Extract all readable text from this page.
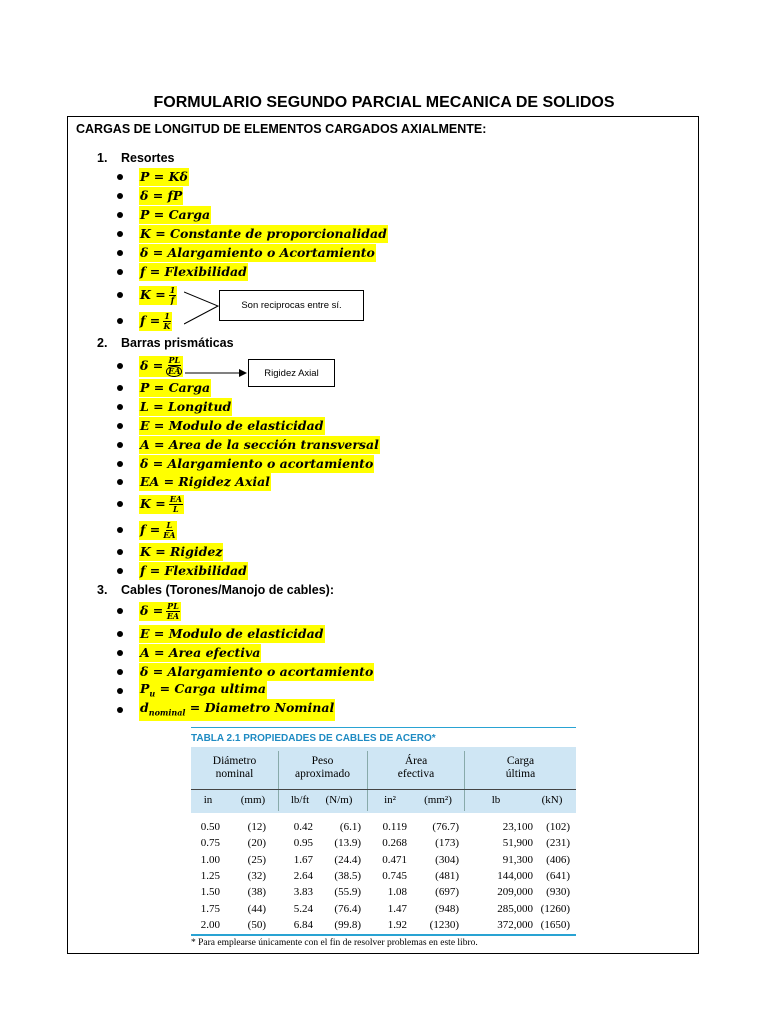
FORMULARIO SEGUNDO PARCIAL MECANICA DE SOLIDOS
CARGAS DE LONGITUD DE ELEMENTOS CARGADOS AXIALMENTE:
1. Resortes
P = Kδ
δ = fP
P = Carga
K = Constante de proporcionalidad
δ = Alargamiento o Acortamiento
f = Flexibilidad
$K = \frac{1}{f}$
$f = \frac{1}{K}$
Son reciprocas entre sí.
2. Barras prismáticas
$\delta = \frac{PL}{EA}$	Rigidez Axial
P = Carga
L = Longitud
E = Modulo de elasticidad
A = Area de la sección transversal
δ = Alargamiento o acortamiento
EA = Rigidez Axial
$K = \frac{EA}{L}$
$f = \frac{L}{EA}$
K = Rigidez
f = Flexibilidad
3. Cables (Torones/Manojo de cables):
$\delta = \frac{PL}{EA}$
E = Modulo de elasticidad
A = Area efectiva
δ = Alargamiento o acortamiento
$P_u$ = Carga ultima
$d_{nominal}$ = Diametro Nominal
TABLA 2.1 PROPIEDADES DE CABLES DE ACERO*
Diámetro
nominal
Peso
aproximado
Área
efectiva
Carga
última
in	(mm)	lb/ft	(N/m)	in²	(mm²)	lb	(kN)
0.50	(12)	0.42 (6.1) 0.119 (76.7)	23,100 (102)
0.75	(20)	0.95 (13.9) 0.268	(173)	51,900 (231)
1.00	(25)	1.67 (24.4) 0.471	(304)	91,300 (406)
1.25	(32)	2.64 (38.5) 0.745	(481)	144,000 (641)
1.50	(38)	3.83 (55.9) 1.08	(697)	209,000 (930)
1.75	(44)	5.24 (76.4) 1.47	(948)	285,000 (1260)
2.00	(50)	6.84 (99.8) 1.92 (1230)	372,000 (1650)
* Para emplearse únicamente con el fin de resolver problemas en este libro.
